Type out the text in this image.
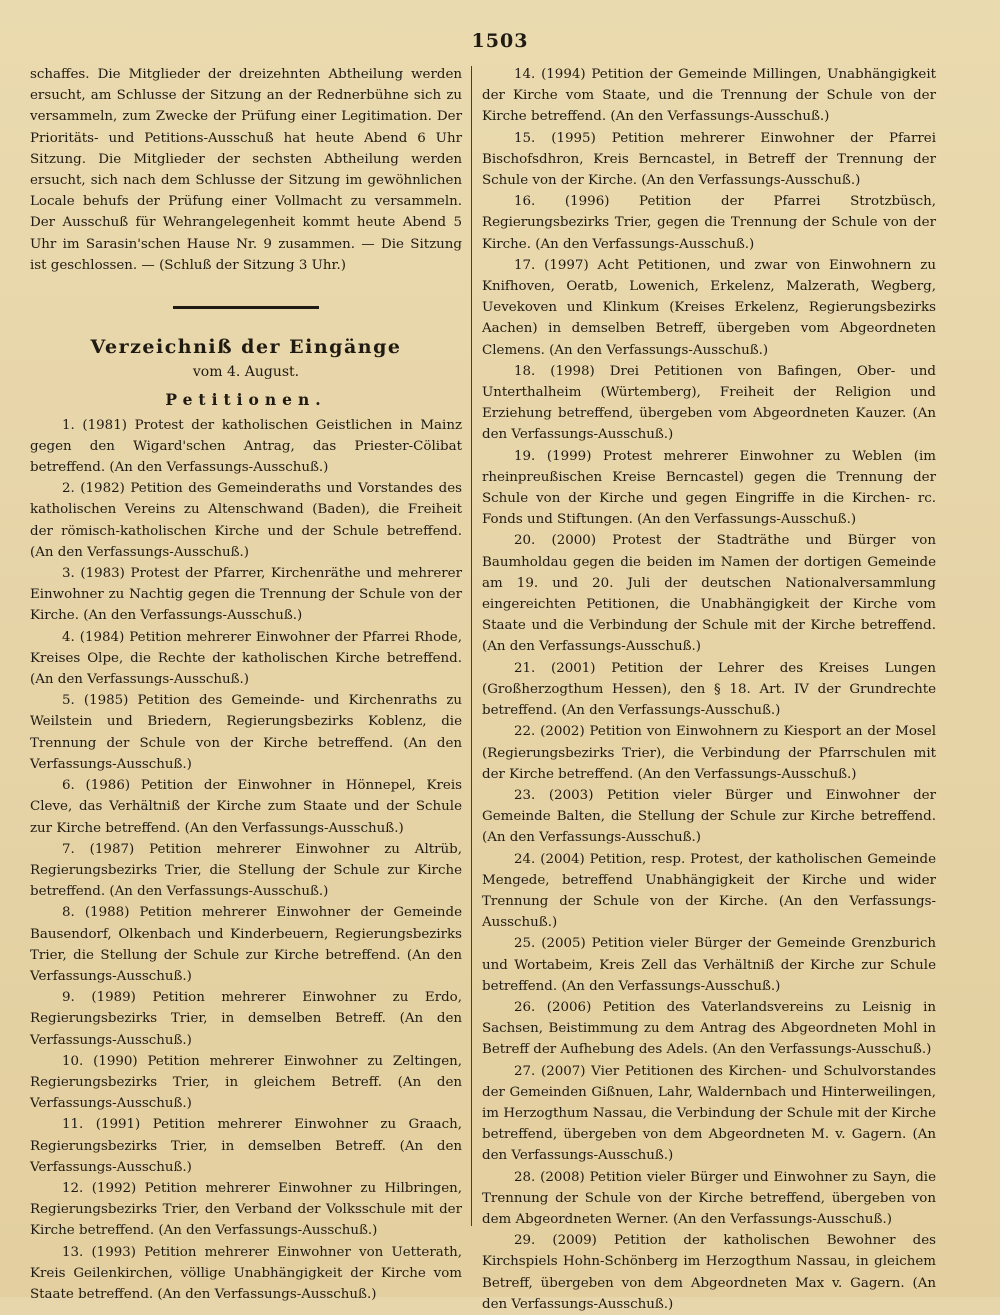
1503

schaffes. Die Mitglieder der dreizehnten Abtheilung werden ersucht, am Schlusse der Sitzung an der Rednerbühne sich zu versammeln, zum Zwecke der Prüfung einer Legitimation. Der Prioritäts- und Petitions-Ausschuß hat heute Abend 6 Uhr Sitzung. Die Mitglieder der sechsten Abtheilung werden ersucht, sich nach dem Schlusse der Sitzung im gewöhnlichen Locale behufs der Prüfung einer Vollmacht zu versammeln. Der Ausschuß für Wehrangelegenheit kommt heute Abend 5 Uhr im Sarasin'schen Hause Nr. 9 zusammen. — Die Sitzung ist geschlossen. — (Schluß der Sitzung 3 Uhr.)

Verzeichniß der Eingänge
vom 4. August.
Petitionen.

1. (1981) Protest der katholischen Geistlichen in Mainz gegen den Wigard'schen Antrag, das Priester-Cölibat betreffend. (An den Verfassungs-Ausschuß.)

2. (1982) Petition des Gemeinderaths und Vorstandes des katholischen Vereins zu Altenschwand (Baden), die Freiheit der römisch-katholischen Kirche und der Schule betreffend. (An den Verfassungs-Ausschuß.)

3. (1983) Protest der Pfarrer, Kirchenräthe und mehrerer Einwohner zu Nachtig gegen die Trennung der Schule von der Kirche. (An den Verfassungs-Ausschuß.)

4. (1984) Petition mehrerer Einwohner der Pfarrei Rhode, Kreises Olpe, die Rechte der katholischen Kirche betreffend. (An den Verfassungs-Ausschuß.)

5. (1985) Petition des Gemeinde- und Kirchenraths zu Weilstein und Briedern, Regierungsbezirks Koblenz, die Trennung der Schule von der Kirche betreffend. (An den Verfassungs-Ausschuß.)

6. (1986) Petition der Einwohner in Hönnepel, Kreis Cleve, das Verhältniß der Kirche zum Staate und der Schule zur Kirche betreffend. (An den Verfassungs-Ausschuß.)

7. (1987) Petition mehrerer Einwohner zu Altrüb, Regierungsbezirks Trier, die Stellung der Schule zur Kirche betreffend. (An den Verfassungs-Ausschuß.)

8. (1988) Petition mehrerer Einwohner der Gemeinde Bausendorf, Olkenbach und Kinderbeuern, Regierungsbezirks Trier, die Stellung der Schule zur Kirche betreffend. (An den Verfassungs-Ausschuß.)

9. (1989) Petition mehrerer Einwohner zu Erdo, Regierungsbezirks Trier, in demselben Betreff. (An den Verfassungs-Ausschuß.)

10. (1990) Petition mehrerer Einwohner zu Zeltingen, Regierungsbezirks Trier, in gleichem Betreff. (An den Verfassungs-Ausschuß.)

11. (1991) Petition mehrerer Einwohner zu Graach, Regierungsbezirks Trier, in demselben Betreff. (An den Verfassungs-Ausschuß.)

12. (1992) Petition mehrerer Einwohner zu Hilbringen, Regierungsbezirks Trier, den Verband der Volksschule mit der Kirche betreffend. (An den Verfassungs-Ausschuß.)

13. (1993) Petition mehrerer Einwohner von Uetterath, Kreis Geilenkirchen, völlige Unabhängigkeit der Kirche vom Staate betreffend. (An den Verfassungs-Ausschuß.)

14. (1994) Petition der Gemeinde Millingen, Unabhängigkeit der Kirche vom Staate, und die Trennung der Schule von der Kirche betreffend. (An den Verfassungs-Ausschuß.)

15. (1995) Petition mehrerer Einwohner der Pfarrei Bischofsdhron, Kreis Berncastel, in Betreff der Trennung der Schule von der Kirche. (An den Verfassungs-Ausschuß.)

16. (1996) Petition der Pfarrei Strotzbüsch, Regierungsbezirks Trier, gegen die Trennung der Schule von der Kirche. (An den Verfassungs-Ausschuß.)

17. (1997) Acht Petitionen, und zwar von Einwohnern zu Knifhoven, Oeratb, Lowenich, Erkelenz, Malzerath, Wegberg, Uevekoven und Klinkum (Kreises Erkelenz, Regierungsbezirks Aachen) in demselben Betreff, übergeben vom Abgeordneten Clemens. (An den Verfassungs-Ausschuß.)

18. (1998) Drei Petitionen von Bafingen, Ober- und Unterthalheim (Würtemberg), Freiheit der Religion und Erziehung betreffend, übergeben vom Abgeordneten Kauzer. (An den Verfassungs-Ausschuß.)

19. (1999) Protest mehrerer Einwohner zu Weblen (im rheinpreußischen Kreise Berncastel) gegen die Trennung der Schule von der Kirche und gegen Eingriffe in die Kirchen- rc. Fonds und Stiftungen. (An den Verfassungs-Ausschuß.)

20. (2000) Protest der Stadträthe und Bürger von Baumholdau gegen die beiden im Namen der dortigen Gemeinde am 19. und 20. Juli der deutschen Nationalversammlung eingereichten Petitionen, die Unabhängigkeit der Kirche vom Staate und die Verbindung der Schule mit der Kirche betreffend. (An den Verfassungs-Ausschuß.)

21. (2001) Petition der Lehrer des Kreises Lungen (Großherzogthum Hessen), den § 18. Art. IV der Grundrechte betreffend. (An den Verfassungs-Ausschuß.)

22. (2002) Petition von Einwohnern zu Kiesport an der Mosel (Regierungsbezirks Trier), die Verbindung der Pfarrschulen mit der Kirche betreffend. (An den Verfassungs-Ausschuß.)

23. (2003) Petition vieler Bürger und Einwohner der Gemeinde Balten, die Stellung der Schule zur Kirche betreffend. (An den Verfassungs-Ausschuß.)

24. (2004) Petition, resp. Protest, der katholischen Gemeinde Mengede, betreffend Unabhängigkeit der Kirche und wider Trennung der Schule von der Kirche. (An den Verfassungs-Ausschuß.)

25. (2005) Petition vieler Bürger der Gemeinde Grenzburich und Wortabeim, Kreis Zell das Verhältniß der Kirche zur Schule betreffend. (An den Verfassungs-Ausschuß.)

26. (2006) Petition des Vaterlandsvereins zu Leisnig in Sachsen, Beistimmung zu dem Antrag des Abgeordneten Mohl in Betreff der Aufhebung des Adels. (An den Verfassungs-Ausschuß.)

27. (2007) Vier Petitionen des Kirchen- und Schulvorstandes der Gemeinden Gißnuen, Lahr, Waldernbach und Hinterweilingen, im Herzogthum Nassau, die Verbindung der Schule mit der Kirche betreffend, übergeben von dem Abgeordneten M. v. Gagern. (An den Verfassungs-Ausschuß.)

28. (2008) Petition vieler Bürger und Einwohner zu Sayn, die Trennung der Schule von der Kirche betreffend, übergeben von dem Abgeordneten Werner. (An den Verfassungs-Ausschuß.)

29. (2009) Petition der katholischen Bewohner des Kirchspiels Hohn-Schönberg im Herzogthum Nassau, in gleichem Betreff, übergeben von dem Abgeordneten Max v. Gagern. (An den Verfassungs-Ausschuß.)
